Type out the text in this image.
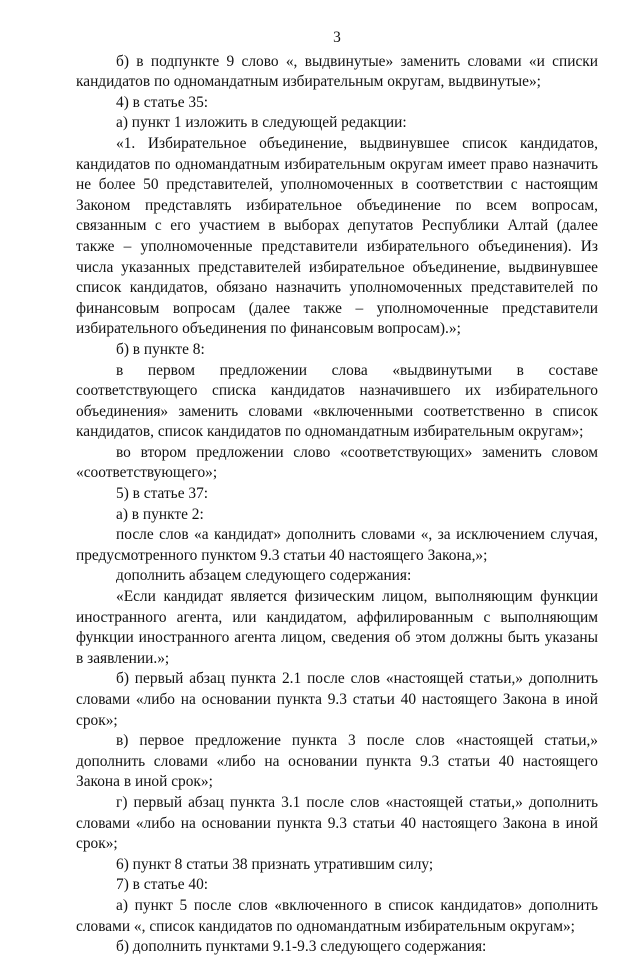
3

б) в подпункте 9 слово «, выдвинутые» заменить словами «и списки кандидатов по одномандатным избирательным округам, выдвинутые»;

4) в статье 35:

а) пункт 1 изложить в следующей редакции:

«1. Избирательное объединение, выдвинувшее список кандидатов, кандидатов по одномандатным избирательным округам имеет право назначить не более 50 представителей, уполномоченных в соответствии с настоящим Законом представлять избирательное объединение по всем вопросам, связанным с его участием в выборах депутатов Республики Алтай (далее также – уполномоченные представители избирательного объединения). Из числа указанных представителей избирательное объединение, выдвинувшее список кандидатов, обязано назначить уполномоченных представителей по финансовым вопросам (далее также – уполномоченные представители избирательного объединения по финансовым вопросам).»;

б) в пункте 8:

в первом предложении слова «выдвинутыми в составе соответствующего списка кандидатов назначившего их избирательного объединения» заменить словами «включенными соответственно в список кандидатов, список кандидатов по одномандатным избирательным округам»;

во втором предложении слово «соответствующих» заменить словом «соответствующего»;

5) в статье 37:

а) в пункте 2:

после слов «а кандидат» дополнить словами «, за исключением случая, предусмотренного пунктом 9.3 статьи 40 настоящего Закона,»;

дополнить абзацем следующего содержания:

«Если кандидат является физическим лицом, выполняющим функции иностранного агента, или кандидатом, аффилированным с выполняющим функции иностранного агента лицом, сведения об этом должны быть указаны в заявлении.»;

б) первый абзац пункта 2.1 после слов «настоящей статьи,» дополнить словами «либо на основании пункта 9.3 статьи 40 настоящего Закона в иной срок»;

в) первое предложение пункта 3 после слов «настоящей статьи,» дополнить словами «либо на основании пункта 9.3 статьи 40 настоящего Закона в иной срок»;

г) первый абзац пункта 3.1 после слов «настоящей статьи,» дополнить словами «либо на основании пункта 9.3 статьи 40 настоящего Закона в иной срок»;

6) пункт 8 статьи 38 признать утратившим силу;

7) в статье 40:

а) пункт 5 после слов «включенного в список кандидатов» дополнить словами «, список кандидатов по одномандатным избирательным округам»;

б) дополнить пунктами 9.1-9.3 следующего содержания:
